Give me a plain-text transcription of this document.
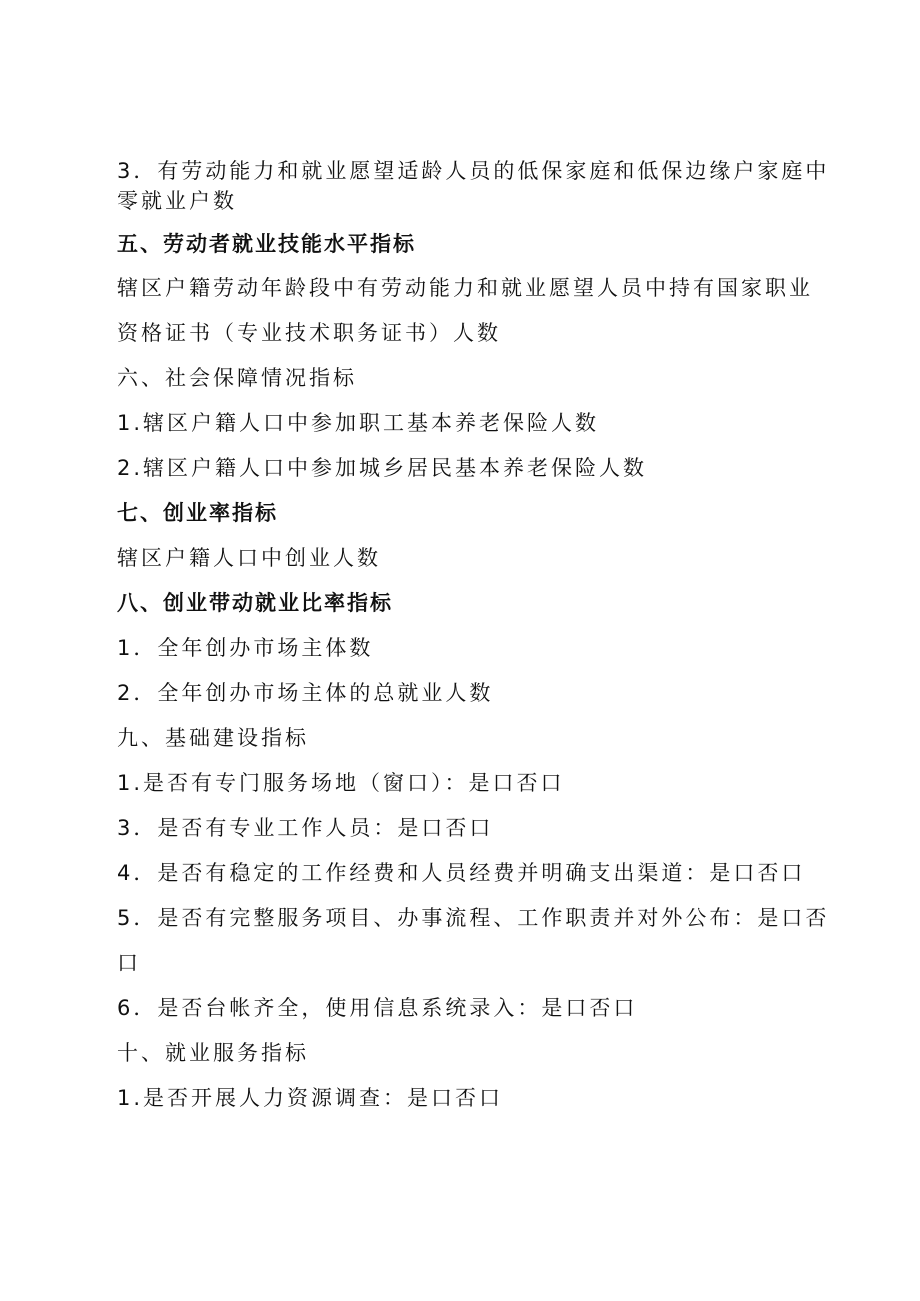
3．有劳动能力和就业愿望适龄人员的低保家庭和低保边缘户家庭中
零就业户数
五、劳动者就业技能水平指标
辖区户籍劳动年龄段中有劳动能力和就业愿望人员中持有国家职业
资格证书（专业技术职务证书）人数
六、社会保障情况指标
1.辖区户籍人口中参加职工基本养老保险人数
2.辖区户籍人口中参加城乡居民基本养老保险人数
七、创业率指标
辖区户籍人口中创业人数
八、创业带动就业比率指标
1．全年创办市场主体数
2．全年创办市场主体的总就业人数
九、基础建设指标
1.是否有专门服务场地（窗口）：是口否口
3．是否有专业工作人员：是口否口
4．是否有稳定的工作经费和人员经费并明确支出渠道：是口否口
5．是否有完整服务项目、办事流程、工作职责并对外公布：是口否
口
6．是否台帐齐全，使用信息系统录入：是口否口
十、就业服务指标
1.是否开展人力资源调查：是口否口
